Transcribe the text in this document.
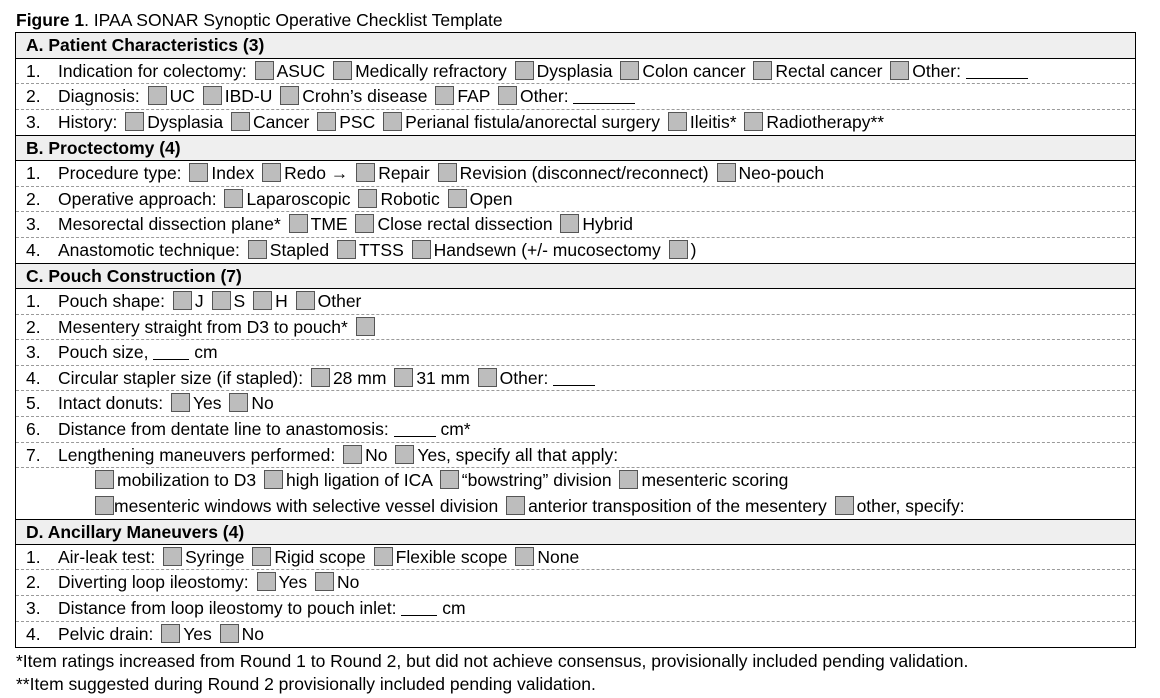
Figure 1. IPAA SONAR Synoptic Operative Checklist Template
A. Patient Characteristics (3)
1. Indication for colectomy: ASUC Medically refractory Dysplasia Colon cancer Rectal cancer Other:
2. Diagnosis: UC IBD-U Crohn’s disease FAP Other:
3. History: Dysplasia Cancer PSC Perianal fistula/anorectal surgery Ileitis* Radiotherapy**
B. Proctectomy (4)
1. Procedure type: Index Redo → Repair Revision (disconnect/reconnect) Neo-pouch
2. Operative approach: Laparoscopic Robotic Open
3. Mesorectal dissection plane* TME Close rectal dissection Hybrid
4. Anastomotic technique: Stapled TTSS Handsewn (+/- mucosectomy )
C. Pouch Construction (7)
1. Pouch shape: J S H Other
2. Mesentery straight from D3 to pouch*
3. Pouch size,	cm
4. Circular stapler size (if stapled): 28 mm 31 mm Other:
5. Intact donuts: Yes No
6. Distance from dentate line to anastomosis:	cm*
7. Lengthening maneuvers performed: No Yes, specify all that apply:
mobilization to D3 high ligation of ICA “bowstring” division mesenteric scoring
mesenteric windows with selective vessel division anterior transposition of the mesentery other, specify:
D. Ancillary Maneuvers (4)
1. Air-leak test: Syringe Rigid scope Flexible scope None
2. Diverting loop ileostomy: Yes No
3. Distance from loop ileostomy to pouch inlet:	cm
4. Pelvic drain: Yes No
*Item ratings increased from Round 1 to Round 2, but did not achieve consensus, provisionally included pending validation.
**Item suggested during Round 2 provisionally included pending validation.
